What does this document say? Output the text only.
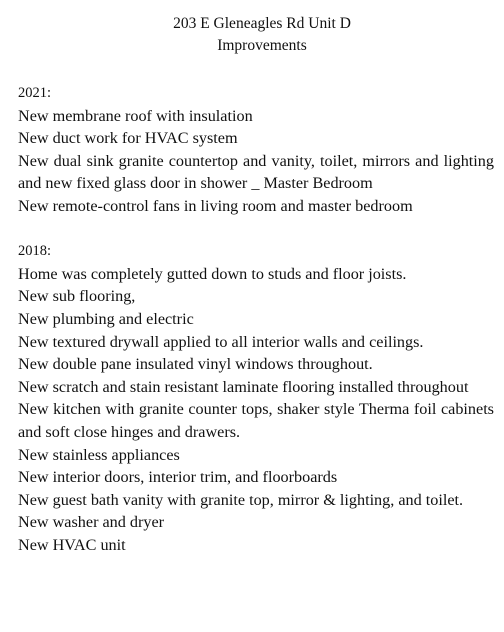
203 E Gleneagles Rd Unit D
Improvements
2021:
New membrane roof with insulation
New duct work for HVAC system
New dual sink granite countertop and vanity, toilet, mirrors and lighting and new fixed glass door in shower _ Master Bedroom
New remote-control fans in living room and master bedroom
2018:
Home was completely gutted down to studs and floor joists.
New sub flooring,
New plumbing and electric
New textured drywall applied to all interior walls and ceilings.
New double pane insulated vinyl windows throughout.
New scratch and stain resistant laminate flooring installed throughout
New kitchen with granite counter tops, shaker style Therma foil cabinets and soft close hinges and drawers.
New stainless appliances
New interior doors, interior trim, and floorboards
New guest bath vanity with granite top, mirror & lighting, and toilet.
New washer and dryer
New HVAC unit
